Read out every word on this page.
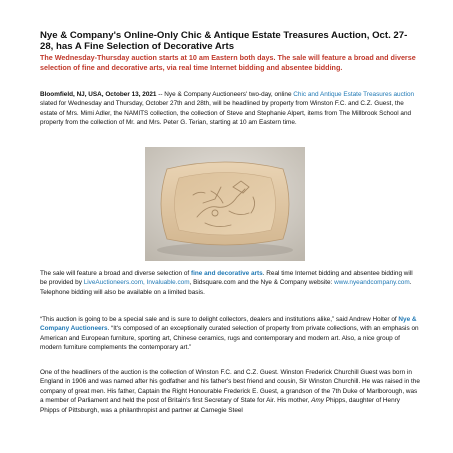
Nye & Company's Online-Only Chic & Antique Estate Treasures Auction, Oct. 27-28, has A Fine Selection of Decorative Arts
The Wednesday-Thursday auction starts at 10 am Eastern both days. The sale will feature a broad and diverse selection of fine and decorative arts, via real time Internet bidding and absentee bidding.
Bloomfield, NJ, USA, October 13, 2021 -- Nye & Company Auctioneers' two-day, online Chic and Antique Estate Treasures auction slated for Wednesday and Thursday, October 27th and 28th, will be headlined by property from Winston F.C. and C.Z. Guest, the estate of Mrs. Mimi Adler, the NAMITS collection, the collection of Steve and Stephanie Alpert, items from The Millbrook School and property from the collection of Mr. and Mrs. Peter G. Terian, starting at 10 am Eastern time.
The sale will feature a broad and diverse selection of fine and decorative arts. Real time Internet bidding and absentee bidding will be provided by LiveAuctioneers.com, Invaluable.com, Bidsquare.com and the Nye & Company website: www.nyeandcompany.com. Telephone bidding will also be available on a limited basis.
“This auction is going to be a special sale and is sure to delight collectors, dealers and institutions alike,” said Andrew Holter of Nye & Company Auctioneers. “It's composed of an exceptionally curated selection of property from private collections, with an emphasis on American and European furniture, sporting art, Chinese ceramics, rugs and contemporary and modern art. Also, a nice group of modern furniture complements the contemporary art.”
One of the headliners of the auction is the collection of Winston F.C. and C.Z. Guest. Winston Frederick Churchill Guest was born in England in 1906 and was named after his godfather and his father's best friend and cousin, Sir Winston Churchill. He was raised in the company of great men. His father, Captain the Right Honourable Frederick E. Guest, a grandson of the 7th Duke of Marlborough, was a member of Parliament and held the post of Britain's first Secretary of State for Air. His mother, Amy Phipps, daughter of Henry Phipps of Pittsburgh, was a philanthropist and partner at Carnegie Steel
